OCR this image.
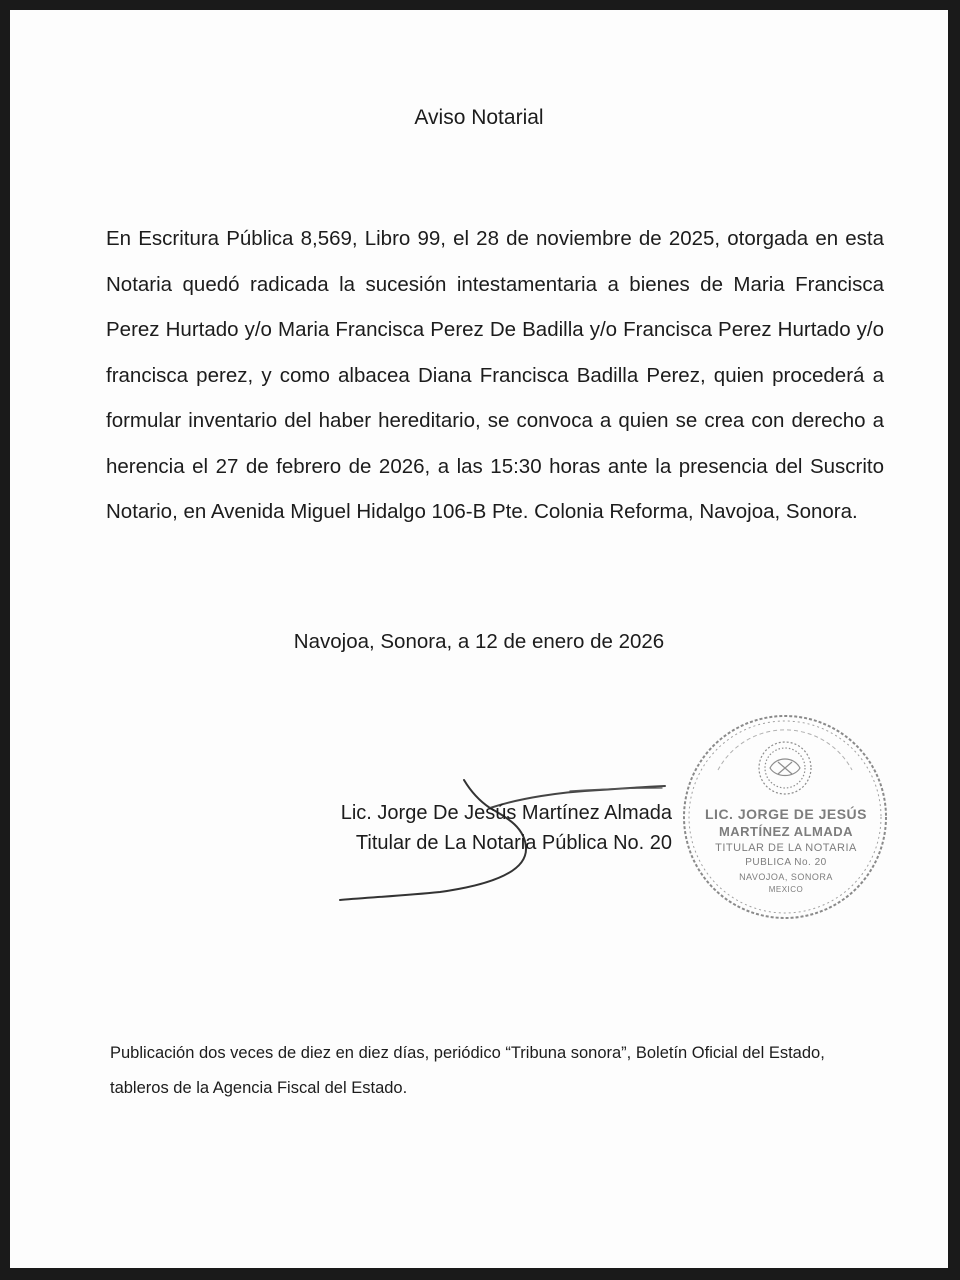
Aviso Notarial
En Escritura Pública 8,569, Libro 99, el 28 de noviembre de 2025, otorgada en esta Notaria quedó radicada la sucesión intestamentaria a bienes de Maria Francisca Perez Hurtado y/o Maria Francisca Perez De Badilla y/o Francisca Perez Hurtado y/o francisca perez, y como albacea Diana Francisca Badilla Perez, quien procederá a formular inventario del haber hereditario, se convoca a quien se crea con derecho a herencia el 27 de febrero de 2026, a las 15:30 horas ante la presencia del Suscrito Notario, en Avenida Miguel Hidalgo 106-B Pte. Colonia Reforma, Navojoa, Sonora.
Navojoa, Sonora, a 12 de enero de 2026
Lic. Jorge De Jesús Martínez Almada
Titular de La Notaria Pública No. 20
LIC. JORGE DE JESÚS
MARTÍNEZ ALMADA
TITULAR DE LA NOTARIA
PUBLICA No. 20
NAVOJOA, SONORA
MEXICO
Publicación dos veces de diez en diez días, periódico “Tribuna sonora”, Boletín Oficial del Estado, tableros de la Agencia Fiscal del Estado.
